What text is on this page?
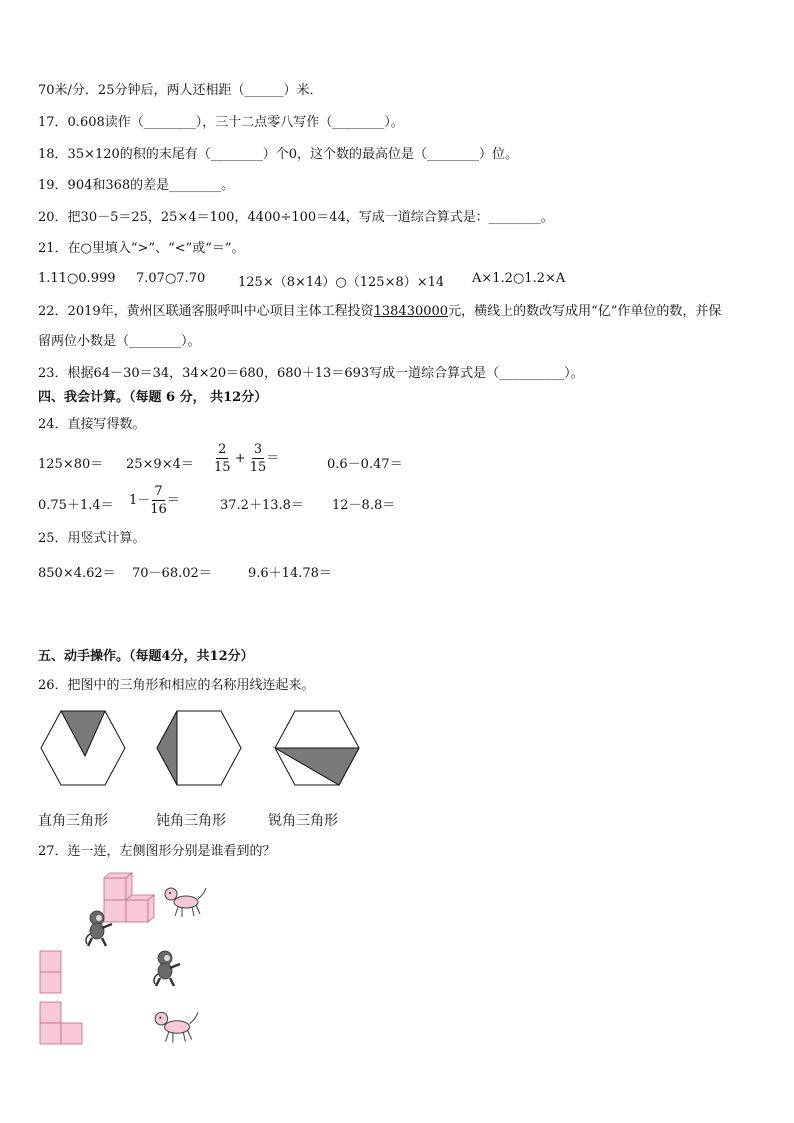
70米/分．25分钟后，两人还相距（______）米．
17．0.608读作（________），三十二点零八写作（________）。
18．35×120的积的末尾有（________）个0，这个数的最高位是（________）位。
19．904和368的差是________。
20．把30－5＝25，25×4＝100，4400÷100＝44，写成一道综合算式是：________。
21．在○里填入“>”、“<”或“＝”。
1.11○0.999 7.07○7.70	125×（8×14）○（125×8）×14 A×1.2○1.2×A
22．2019年，黄州区联通客服呼叫中心项目主体工程投资138430000元，横线上的数改写成用“亿”作单位的数，并保
留两位小数是（________）。
23．根据64－30＝34，34×20＝680，680＋13＝693写成一道综合算式是（__________）。
四、我会计算。（每题 6 分， 共12分）
24．直接写得数。
$125\times 80= 25\times 9\times 4= \frac{2}{15} + \frac{3}{15}$ ＝	0.6－0.47＝
$0.75+1.4= 1- \frac{7}{16}$ ＝	37.2＋13.8＝ 12－8.8＝
25．用竖式计算。
850×4.62＝ 70－68.02＝	9.6＋14.78＝
五、动手操作。（每题4分，共12分）
26．把图中的三角形和相应的名称用线连起来。
直角三角形	钝角三角形	锐角三角形
27．连一连，左侧图形分别是谁看到的？
